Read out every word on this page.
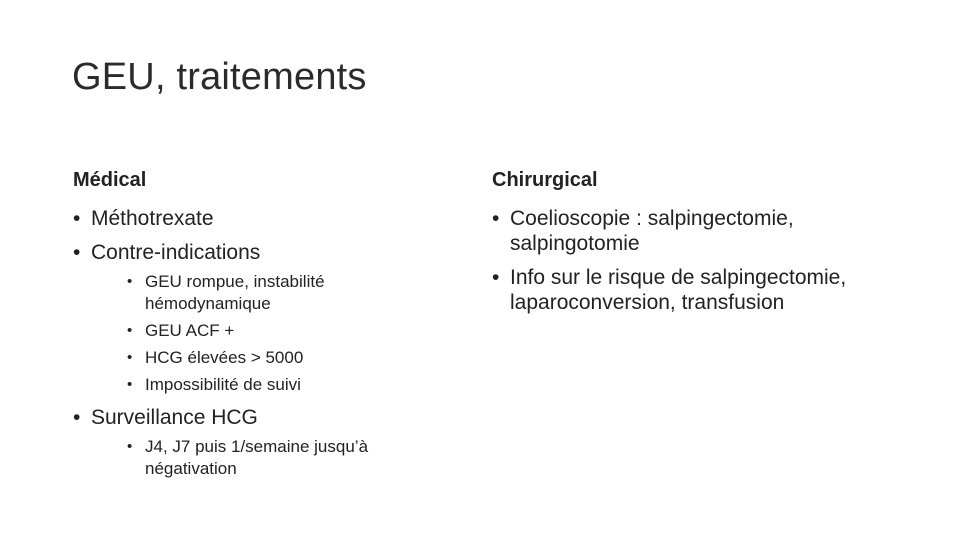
GEU, traitements
Médical
• Méthotrexate
• Contre-indications
• GEU rompue, instabilité hémodynamique
• GEU ACF +
• HCG élevées > 5000
• Impossibilité de suivi
• Surveillance HCG
• J4, J7 puis 1/semaine jusqu’à négativation
Chirurgical
• Coelioscopie : salpingectomie, salpingotomie
• Info sur le risque de salpingectomie, laparoconversion, transfusion
